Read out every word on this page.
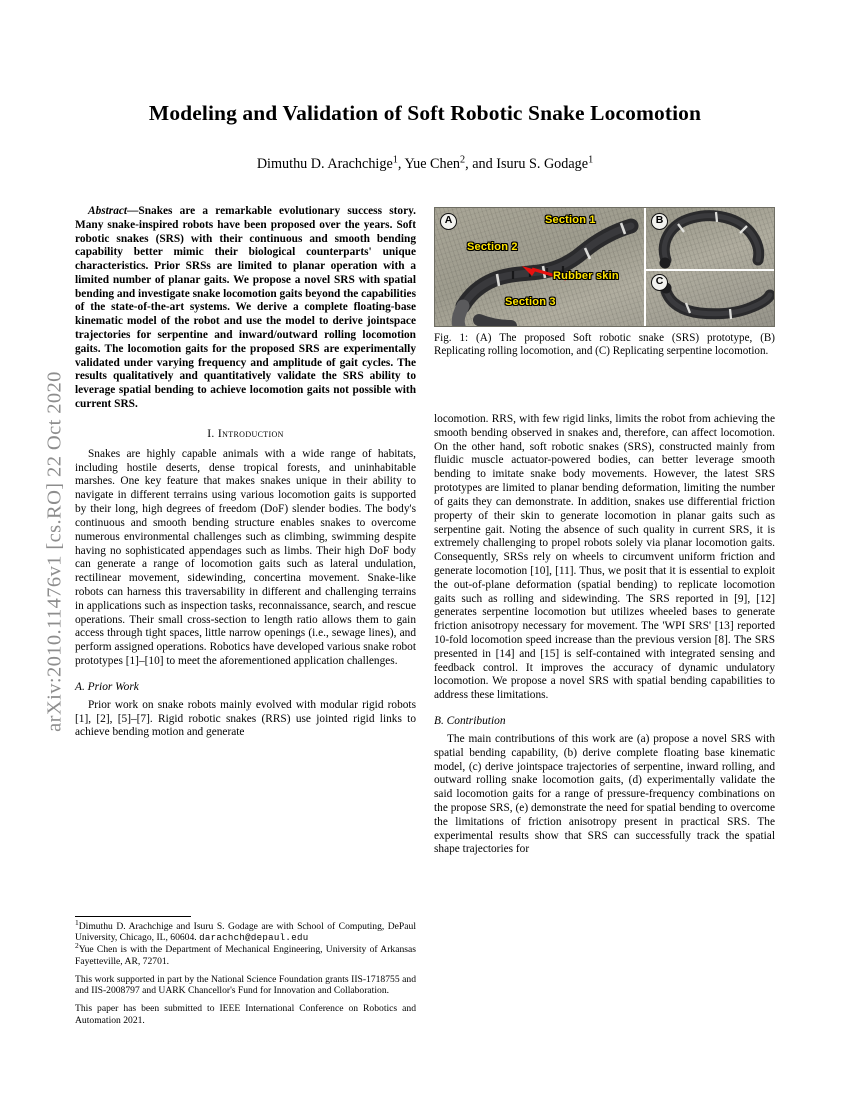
arXiv:2010.11476v1 [cs.RO] 22 Oct 2020
Modeling and Validation of Soft Robotic Snake Locomotion
Dimuthu D. Arachchige$^1$, Yue Chen$^2$, and Isuru S. Godage$^1$
Abstract—Snakes are a remarkable evolutionary success story. Many snake-inspired robots have been proposed over the years. Soft robotic snakes (SRS) with their continuous and smooth bending capability better mimic their biological counterparts' unique characteristics. Prior SRSs are limited to planar operation with a limited number of planar gaits. We propose a novel SRS with spatial bending and investigate snake locomotion gaits beyond the capabilities of the state-of-the-art systems. We derive a complete floating-base kinematic model of the robot and use the model to derive jointspace trajectories for serpentine and inward/outward rolling locomotion gaits. The locomotion gaits for the proposed SRS are experimentally validated under varying frequency and amplitude of gait cycles. The results qualitatively and quantitatively validate the SRS ability to leverage spatial bending to achieve locomotion gaits not possible with current SRS.
I. Introduction

Snakes are highly capable animals with a wide range of habitats, including hostile deserts, dense tropical forests, and uninhabitable marshes. One key feature that makes snakes unique in their ability to navigate in different terrains using various locomotion gaits is supported by their long, high degrees of freedom (DoF) slender bodies. The body's continuous and smooth bending structure enables snakes to overcome numerous environmental challenges such as climbing, swimming despite having no sophisticated appendages such as limbs. Their high DoF body can generate a range of locomotion gaits such as lateral undulation, rectilinear movement, sidewinding, concertina movement. Snake-like robots can harness this traversability in different and challenging terrains in applications such as inspection tasks, reconnaissance, search, and rescue operations. Their small cross-section to length ratio allows them to gain access through tight spaces, little narrow openings (i.e., sewage lines), and perform assigned operations. Robotics have developed various snake robot prototypes [1]–[10] to meet the aforementioned application challenges.

A. Prior Work

Prior work on snake robots mainly evolved with modular rigid robots [1], [2], [5]–[7]. Rigid robotic snakes (RRS) use jointed rigid links to achieve bending motion and generate

A	B
C
Section 1
Section 2
Section 3
Rubber skin
Fig. 1: (A) The proposed Soft robotic snake (SRS) prototype, (B) Replicating rolling locomotion, and (C) Replicating serpentine locomotion.

locomotion. RRS, with few rigid links, limits the robot from achieving the smooth bending observed in snakes and, therefore, can affect locomotion. On the other hand, soft robotic snakes (SRS), constructed mainly from fluidic muscle actuator-powered bodies, can better leverage smooth bending to imitate snake body movements. However, the latest SRS prototypes are limited to planar bending deformation, limiting the number of gaits they can demonstrate. In addition, snakes use differential friction property of their skin to generate locomotion in planar gaits such as serpentine gait. Noting the absence of such quality in current SRS, it is extremely challenging to propel robots solely via planar locomotion gaits. Consequently, SRSs rely on wheels to circumvent uniform friction and generate locomotion [10], [11]. Thus, we posit that it is essential to exploit the out-of-plane deformation (spatial bending) to replicate locomotion gaits such as rolling and sidewinding. The SRS reported in [9], [12] generates serpentine locomotion but utilizes wheeled bases to generate friction anisotropy necessary for movement. The 'WPI SRS' [13] reported 10-fold locomotion speed increase than the previous version [8]. The SRS presented in [14] and [15] is self-contained with integrated sensing and feedback control. It improves the accuracy of dynamic undulatory locomotion. We propose a novel SRS with spatial bending capabilities to address these limitations.

B. Contribution

The main contributions of this work are (a) propose a novel SRS with spatial bending capability, (b) derive complete floating base kinematic model, (c) derive jointspace trajectories of serpentine, inward rolling, and outward rolling snake locomotion gaits, (d) experimentally validate the said locomotion gaits for a range of pressure-frequency combinations on the propose SRS, (e) demonstrate the need for spatial bending to overcome the limitations of friction anisotropy present in practical SRS. The experimental results show that SRS can successfully track the spatial shape trajectories for

$^1$Dimuthu D. Arachchige and Isuru S. Godage are with School of Computing, DePaul University, Chicago, IL, 60604. darachch@depaul.edu

$^2$Yue Chen is with the Department of Mechanical Engineering, University of Arkansas Fayetteville, AR, 72701.

This work supported in part by the National Science Foundation grants IIS-1718755 and and IIS-2008797 and UARK Chancellor's Fund for Innovation and Collaboration.

This paper has been submitted to IEEE International Conference on Robotics and Automation 2021.
